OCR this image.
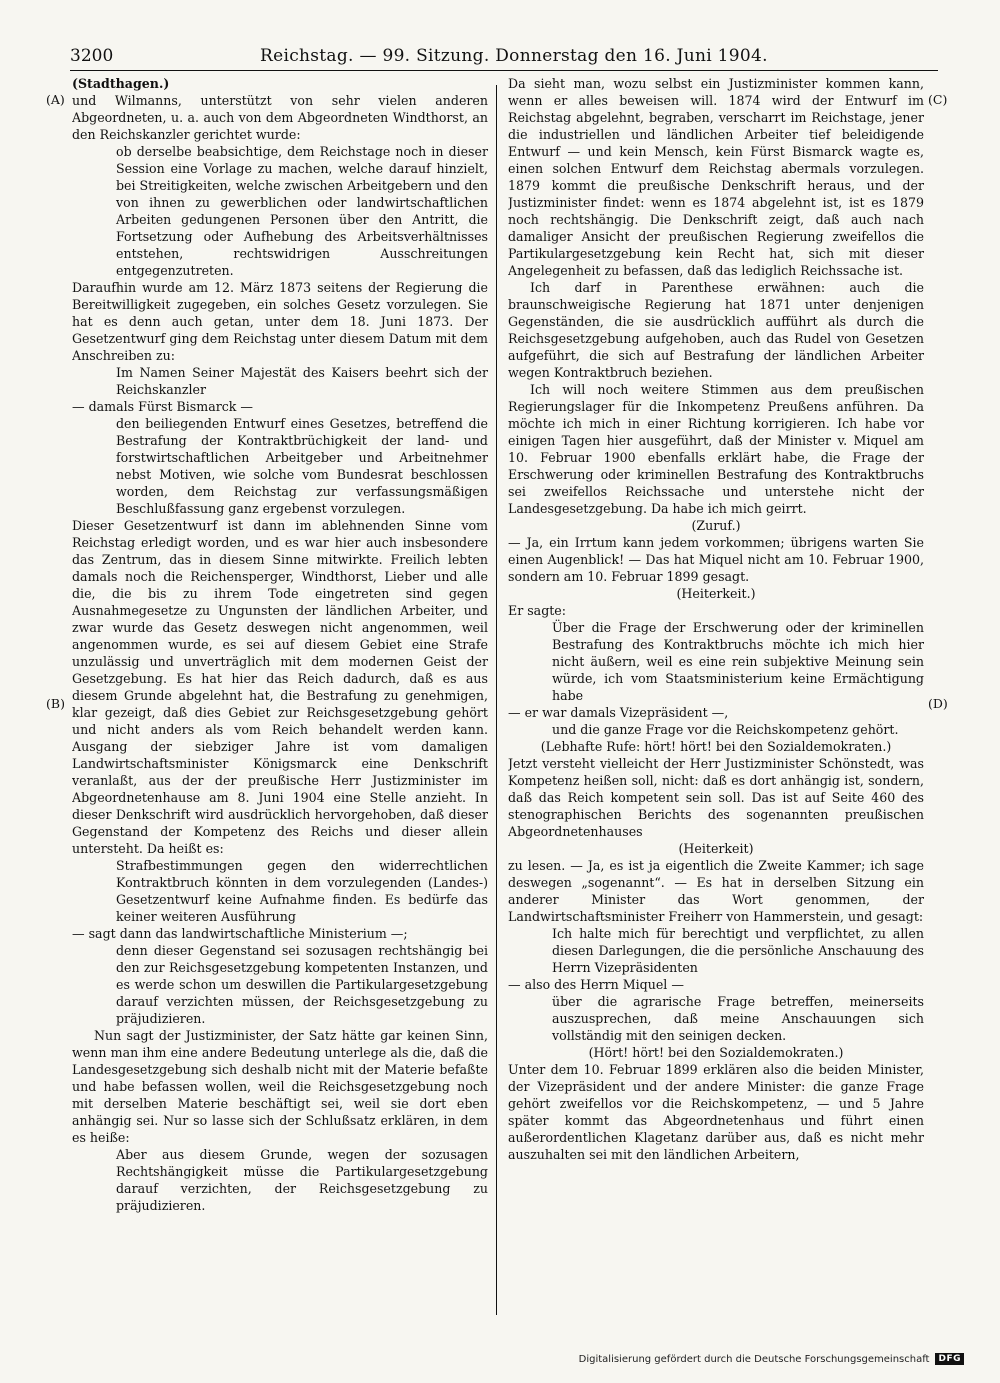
3200	Reichstag. — 99. Sitzung. Donnerstag den 16. Juni 1904.
(A)
(B)
(C)
(D)

(Stadthagen.)

und Wilmanns, unterstützt von sehr vielen anderen Abgeordneten, u. a. auch von dem Abgeordneten Windthorst, an den Reichskanzler gerichtet wurde:

ob derselbe beabsichtige, dem Reichstage noch in dieser Session eine Vorlage zu machen, welche darauf hinzielt, bei Streitigkeiten, welche zwischen Arbeitgebern und den von ihnen zu gewerblichen oder landwirtschaftlichen Arbeiten gedungenen Personen über den Antritt, die Fortsetzung oder Aufhebung des Arbeitsverhältnisses entstehen, rechtswidrigen Ausschreitungen entgegenzutreten.

Daraufhin wurde am 12. März 1873 seitens der Regierung die Bereitwilligkeit zugegeben, ein solches Gesetz vorzulegen. Sie hat es denn auch getan, unter dem 18. Juni 1873. Der Gesetzentwurf ging dem Reichstag unter diesem Datum mit dem Anschreiben zu:

Im Namen Seiner Majestät des Kaisers beehrt sich der Reichskanzler

— damals Fürst Bismarck —

den beiliegenden Entwurf eines Gesetzes, betreffend die Bestrafung der Kontraktbrüchigkeit der land- und forstwirtschaftlichen Arbeitgeber und Arbeitnehmer nebst Motiven, wie solche vom Bundesrat beschlossen worden, dem Reichstag zur verfassungsmäßigen Beschlußfassung ganz ergebenst vorzulegen.

Dieser Gesetzentwurf ist dann im ablehnenden Sinne vom Reichstag erledigt worden, und es war hier auch insbesondere das Zentrum, das in diesem Sinne mitwirkte. Freilich lebten damals noch die Reichensperger, Windthorst, Lieber und alle die, die bis zu ihrem Tode eingetreten sind gegen Ausnahmegesetze zu Ungunsten der ländlichen Arbeiter, und zwar wurde das Gesetz deswegen nicht angenommen, weil angenommen wurde, es sei auf diesem Gebiet eine Strafe unzulässig und unverträglich mit dem modernen Geist der Gesetzgebung. Es hat hier das Reich dadurch, daß es aus diesem Grunde abgelehnt hat, die Bestrafung zu genehmigen, klar gezeigt, daß dies Gebiet zur Reichsgesetzgebung gehört und nicht anders als vom Reich behandelt werden kann. Ausgang der siebziger Jahre ist vom damaligen Landwirtschaftsminister Königsmarck eine Denkschrift veranlaßt, aus der der preußische Herr Justizminister im Abgeordnetenhause am 8. Juni 1904 eine Stelle anzieht. In dieser Denkschrift wird ausdrücklich hervorgehoben, daß dieser Gegenstand der Kompetenz des Reichs und dieser allein untersteht. Da heißt es:

Strafbestimmungen gegen den widerrechtlichen Kontraktbruch könnten in dem vorzulegenden (Landes-) Gesetzentwurf keine Aufnahme finden. Es bedürfe das keiner weiteren Ausführung

— sagt dann das landwirtschaftliche Ministerium —;

denn dieser Gegenstand sei sozusagen rechtshängig bei den zur Reichsgesetzgebung kompetenten Instanzen, und es werde schon um deswillen die Partikulargesetzgebung darauf verzichten müssen, der Reichsgesetzgebung zu präjudizieren.

Nun sagt der Justizminister, der Satz hätte gar keinen Sinn, wenn man ihm eine andere Bedeutung unterlege als die, daß die Landesgesetzgebung sich deshalb nicht mit der Materie befaßte und habe befassen wollen, weil die Reichsgesetzgebung noch mit derselben Materie beschäftigt sei, weil sie dort eben anhängig sei. Nur so lasse sich der Schlußsatz erklären, in dem es heiße:

Aber aus diesem Grunde, wegen der sozusagen Rechtshängigkeit müsse die Partikulargesetzgebung darauf verzichten, der Reichsgesetzgebung zu präjudizieren.

Da sieht man, wozu selbst ein Justizminister kommen kann, wenn er alles beweisen will. 1874 wird der Entwurf im Reichstag abgelehnt, begraben, verscharrt im Reichstage, jener die industriellen und ländlichen Arbeiter tief beleidigende Entwurf — und kein Mensch, kein Fürst Bismarck wagte es, einen solchen Entwurf dem Reichstag abermals vorzulegen. 1879 kommt die preußische Denkschrift heraus, und der Justizminister findet: wenn es 1874 abgelehnt ist, ist es 1879 noch rechtshängig. Die Denkschrift zeigt, daß auch nach damaliger Ansicht der preußischen Regierung zweifellos die Partikulargesetzgebung kein Recht hat, sich mit dieser Angelegenheit zu befassen, daß das lediglich Reichssache ist.

Ich darf in Parenthese erwähnen: auch die braunschweigische Regierung hat 1871 unter denjenigen Gegenständen, die sie ausdrücklich aufführt als durch die Reichsgesetzgebung aufgehoben, auch das Rudel von Gesetzen aufgeführt, die sich auf Bestrafung der ländlichen Arbeiter wegen Kontraktbruch beziehen.

Ich will noch weitere Stimmen aus dem preußischen Regierungslager für die Inkompetenz Preußens anführen. Da möchte ich mich in einer Richtung korrigieren. Ich habe vor einigen Tagen hier ausgeführt, daß der Minister v. Miquel am 10. Februar 1900 ebenfalls erklärt habe, die Frage der Erschwerung oder kriminellen Bestrafung des Kontraktbruchs sei zweifellos Reichssache und unterstehe nicht der Landesgesetzgebung. Da habe ich mich geirrt.

(Zuruf.)

— Ja, ein Irrtum kann jedem vorkommen; übrigens warten Sie einen Augenblick! — Das hat Miquel nicht am 10. Februar 1900, sondern am 10. Februar 1899 gesagt.

(Heiterkeit.)

Er sagte:

Über die Frage der Erschwerung oder der kriminellen Bestrafung des Kontraktbruchs möchte ich mich hier nicht äußern, weil es eine rein subjektive Meinung sein würde, ich vom Staatsministerium keine Ermächtigung habe

— er war damals Vizepräsident —,

und die ganze Frage vor die Reichskompetenz gehört.

(Lebhafte Rufe: hört! hört! bei den Sozialdemokraten.)

Jetzt versteht vielleicht der Herr Justizminister Schönstedt, was Kompetenz heißen soll, nicht: daß es dort anhängig ist, sondern, daß das Reich kompetent sein soll. Das ist auf Seite 460 des stenographischen Berichts des sogenannten preußischen Abgeordnetenhauses

(Heiterkeit)

zu lesen. — Ja, es ist ja eigentlich die Zweite Kammer; ich sage deswegen „sogenannt“. — Es hat in derselben Sitzung ein anderer Minister das Wort genommen, der Landwirtschaftsminister Freiherr von Hammerstein, und gesagt:

Ich halte mich für berechtigt und verpflichtet, zu allen diesen Darlegungen, die die persönliche Anschauung des Herrn Vizepräsidenten

— also des Herrn Miquel —

über die agrarische Frage betreffen, meinerseits auszusprechen, daß meine Anschauungen sich vollständig mit den seinigen decken.

(Hört! hört! bei den Sozialdemokraten.)

Unter dem 10. Februar 1899 erklären also die beiden Minister, der Vizepräsident und der andere Minister: die ganze Frage gehört zweifellos vor die Reichskompetenz, — und 5 Jahre später kommt das Abgeordnetenhaus und führt einen außerordentlichen Klagetanz darüber aus, daß es nicht mehr auszuhalten sei mit den ländlichen Arbeitern,

Digitalisierung gefördert durch die Deutsche Forschungsgemeinschaft	DFG
